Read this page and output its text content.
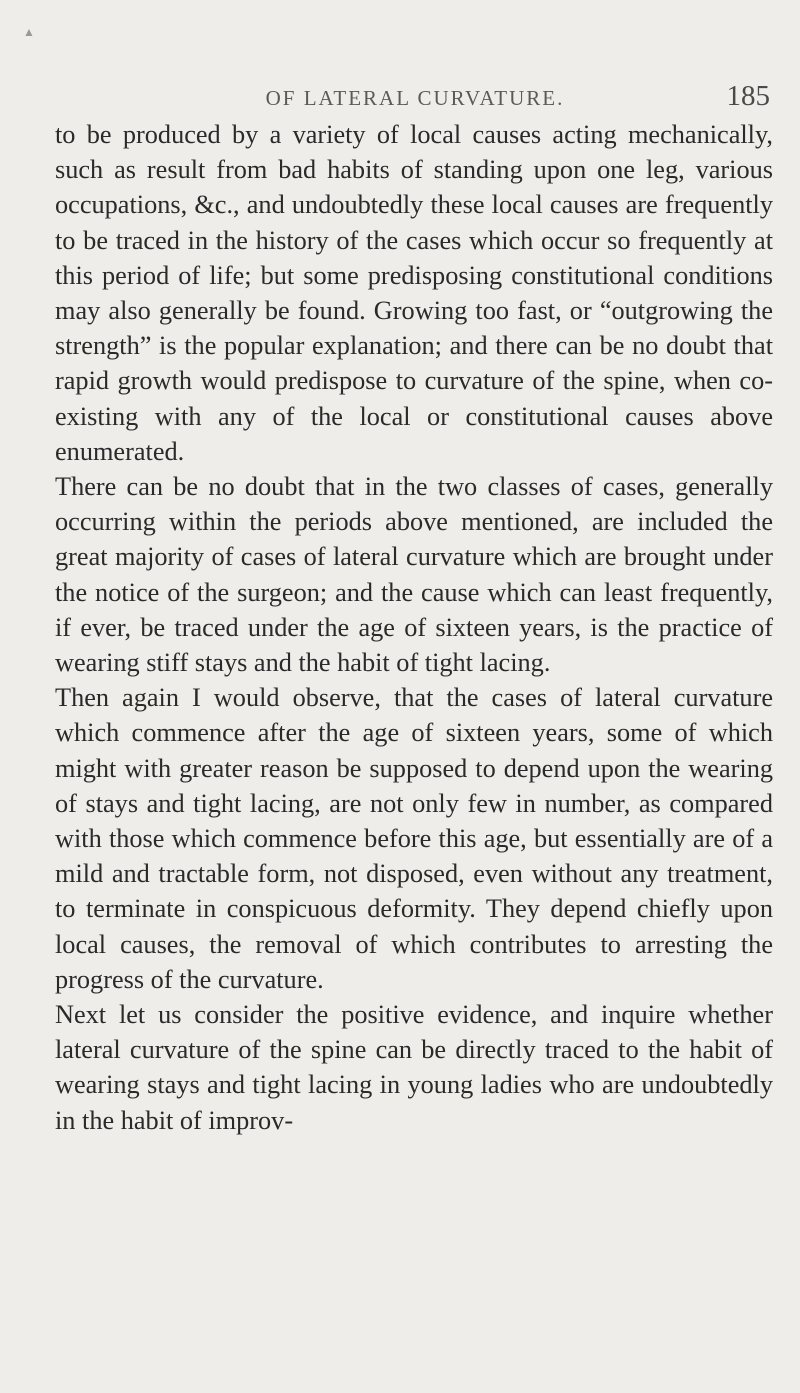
▲
OF LATERAL CURVATURE.	185

to be produced by a variety of local causes acting mechanically, such as result from bad habits of standing upon one leg, various occupations, &c., and undoubtedly these local causes are frequently to be traced in the history of the cases which occur so frequently at this period of life; but some predisposing constitutional conditions may also generally be found. Growing too fast, or “outgrowing the strength” is the popular explanation; and there can be no doubt that rapid growth would predispose to curvature of the spine, when co-existing with any of the local or constitutional causes above enumerated.

There can be no doubt that in the two classes of cases, generally occurring within the periods above mentioned, are included the great majority of cases of lateral curvature which are brought under the notice of the surgeon; and the cause which can least frequently, if ever, be traced under the age of sixteen years, is the practice of wearing stiff stays and the habit of tight lacing.

Then again I would observe, that the cases of lateral curvature which commence after the age of sixteen years, some of which might with greater reason be supposed to depend upon the wearing of stays and tight lacing, are not only few in number, as compared with those which commence before this age, but essentially are of a mild and tractable form, not disposed, even without any treatment, to terminate in conspicuous deformity. They depend chiefly upon local causes, the removal of which contributes to arresting the progress of the curvature.

Next let us consider the positive evidence, and inquire whether lateral curvature of the spine can be directly traced to the habit of wearing stays and tight lacing in young ladies who are undoubtedly in the habit of improv-
